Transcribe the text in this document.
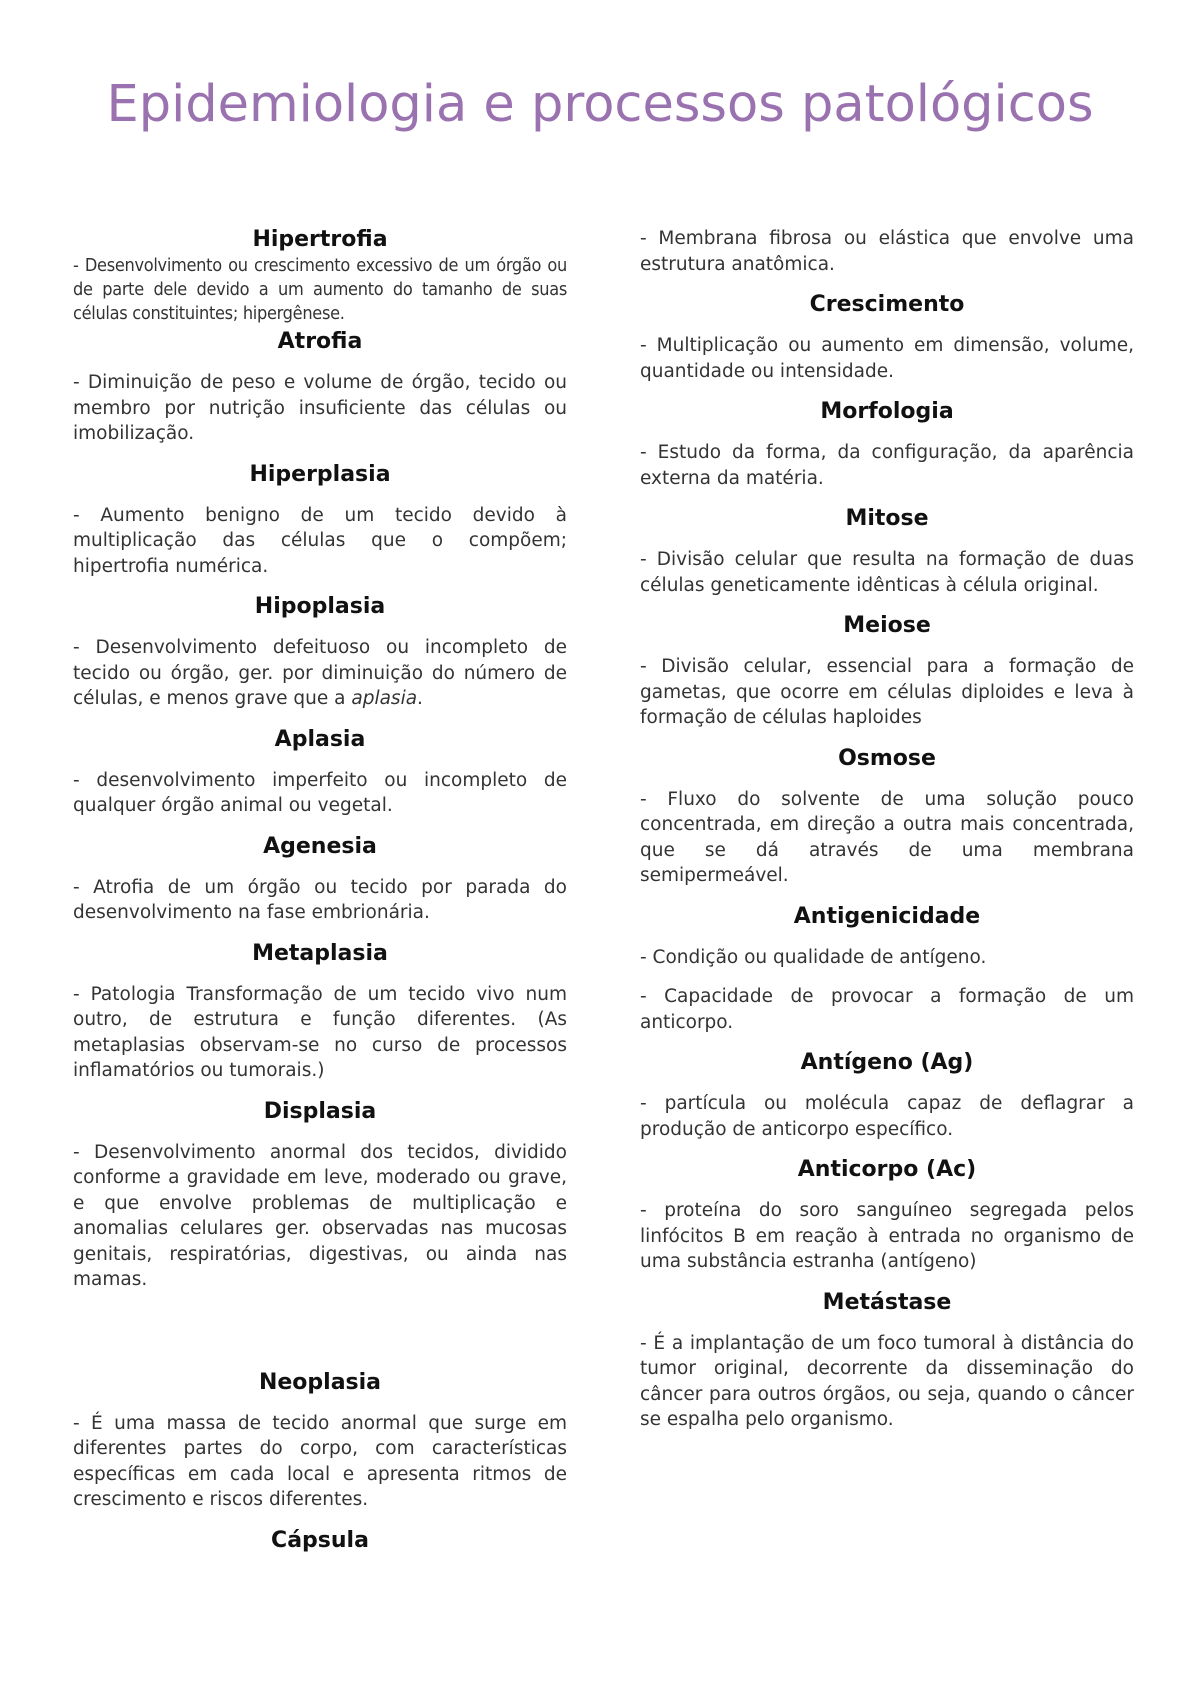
Epidemiologia e processos patológicos
Hipertrofia

- Desenvolvimento ou crescimento excessivo de um órgão ou de parte dele devido a um aumento do tamanho de suas células constituintes; hipergênese.

Atrofia

- Diminuição de peso e volume de órgão, tecido ou membro por nutrição insuficiente das células ou imobilização.

Hiperplasia

- Aumento benigno de um tecido devido à multiplicação das células que o compõem; hipertrofia numérica.

Hipoplasia

- Desenvolvimento defeituoso ou incompleto de tecido ou órgão, ger. por diminuição do número de células, e menos grave que a aplasia.

Aplasia

- desenvolvimento imperfeito ou incompleto de qualquer órgão animal ou vegetal.

Agenesia

- Atrofia de um órgão ou tecido por parada do desenvolvimento na fase embrionária.

Metaplasia

- Patologia Transformação de um tecido vivo num outro, de estrutura e função diferentes. (As metaplasias observam-se no curso de processos inflamatórios ou tumorais.)

Displasia

- Desenvolvimento anormal dos tecidos, dividido conforme a gravidade em leve, moderado ou grave, e que envolve problemas de multiplicação e anomalias celulares ger. observadas nas mucosas genitais, respiratórias, digestivas, ou ainda nas mamas.

Neoplasia

- É uma massa de tecido anormal que surge em diferentes partes do corpo, com características específicas em cada local e apresenta ritmos de crescimento e riscos diferentes.

Cápsula

- Membrana fibrosa ou elástica que envolve uma estrutura anatômica.

Crescimento

- Multiplicação ou aumento em dimensão, volume, quantidade ou intensidade.

Morfologia

- Estudo da forma, da configuração, da aparência externa da matéria.

Mitose

- Divisão celular que resulta na formação de duas células geneticamente idênticas à célula original.

Meiose

- Divisão celular, essencial para a formação de gametas, que ocorre em células diploides e leva à formação de células haploides

Osmose

- Fluxo do solvente de uma solução pouco concentrada, em direção a outra mais concentrada, que se dá através de uma membrana semipermeável.

Antigenicidade

- Condição ou qualidade de antígeno.

- Capacidade de provocar a formação de um anticorpo.

Antígeno (Ag)

- partícula ou molécula capaz de deflagrar a produção de anticorpo específico.

Anticorpo (Ac)

- proteína do soro sanguíneo segregada pelos linfócitos B em reação à entrada no organismo de uma substância estranha (antígeno)

Metástase

- É a implantação de um foco tumoral à distância do tumor original, decorrente da disseminação do câncer para outros órgãos, ou seja, quando o câncer se espalha pelo organismo.
